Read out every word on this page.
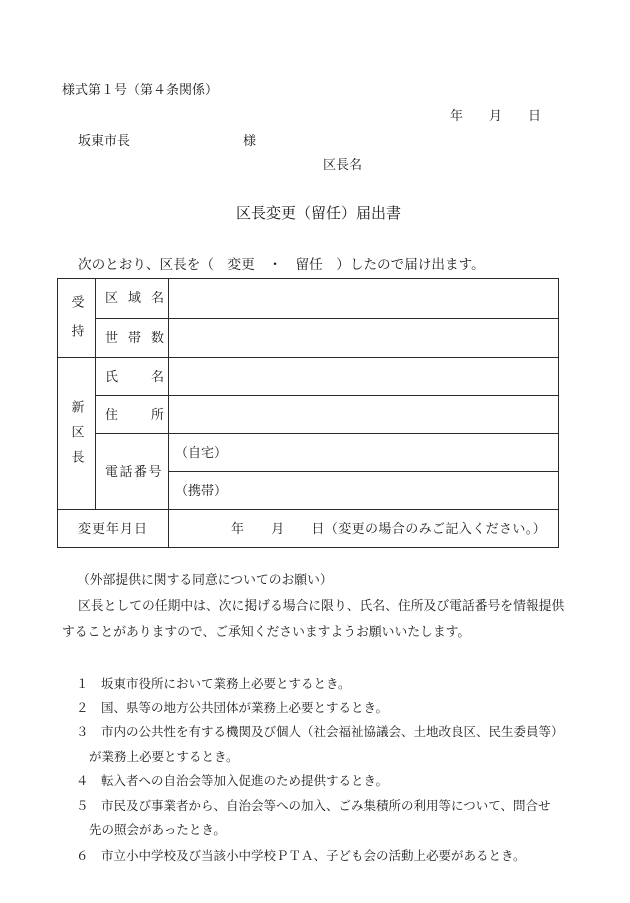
様式第１号（第４条関係）
年　　月　　日
坂東市長	様
区長名
区長変更（留任）届出書
次のとおり、区長を（　変更　・　留任　）したので届け出ます。
受持	区域名	
	世帯数	
新区長	氏名	
	住所	
	電話番号	（自宅）
		（携帯）
変更年月日		年　　月　　日（変更の場合のみご記入ください。）
（外部提供に関する同意についてのお願い）
区長としての任期中は、次に掲げる場合に限り、氏名、住所及び電話番号を情報提供
することがありますので、ご承知くださいますようお願いいたします。
１ 坂東市役所において業務上必要とするとき。
２ 国、県等の地方公共団体が業務上必要とするとき。
３ 市内の公共性を有する機関及び個人（社会福祉協議会、土地改良区、民生委員等）
が業務上必要とするとき。
４ 転入者への自治会等加入促進のため提供するとき。
５ 市民及び事業者から、自治会等への加入、ごみ集積所の利用等について、問合せ
先の照会があったとき。
６ 市立小中学校及び当該小中学校ＰＴＡ、子ども会の活動上必要があるとき。
